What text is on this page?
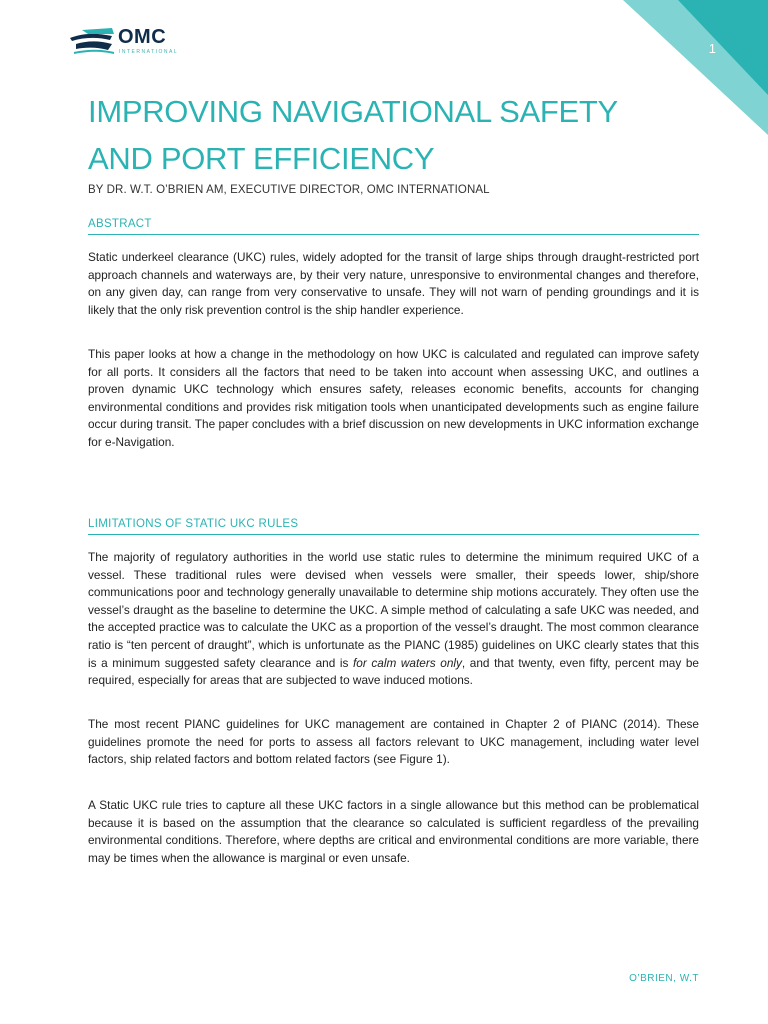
1
OMC
INTERNATIONAL
IMPROVING NAVIGATIONAL SAFETY
AND PORT EFFICIENCY
BY DR. W.T. O’BRIEN AM, EXECUTIVE DIRECTOR, OMC INTERNATIONAL
ABSTRACT

Static underkeel clearance (UKC) rules, widely adopted for the transit of large ships through draught-restricted port approach channels and waterways are, by their very nature, unresponsive to environmental changes and therefore, on any given day, can range from very conservative to unsafe. They will not warn of pending groundings and it is likely that the only risk prevention control is the ship handler experience.

This paper looks at how a change in the methodology on how UKC is calculated and regulated can improve safety for all ports. It considers all the factors that need to be taken into account when assessing UKC, and outlines a proven dynamic UKC technology which ensures safety, releases economic benefits, accounts for changing environmental conditions and provides risk mitigation tools when unanticipated developments such as engine failure occur during transit. The paper concludes with a brief discussion on new developments in UKC information exchange for e-Navigation.

LIMITATIONS OF STATIC UKC RULES

The majority of regulatory authorities in the world use static rules to determine the minimum required UKC of a vessel. These traditional rules were devised when vessels were smaller, their speeds lower, ship/shore communications poor and technology generally unavailable to determine ship motions accurately. They often use the vessel’s draught as the baseline to determine the UKC. A simple method of calculating a safe UKC was needed, and the accepted practice was to calculate the UKC as a proportion of the vessel’s draught. The most common clearance ratio is “ten percent of draught”, which is unfortunate as the PIANC (1985) guidelines on UKC clearly states that this is a minimum suggested safety clearance and is for calm waters only, and that twenty, even fifty, percent may be required, especially for areas that are subjected to wave induced motions.

The most recent PIANC guidelines for UKC management are contained in Chapter 2 of PIANC (2014). These guidelines promote the need for ports to assess all factors relevant to UKC management, including water level factors, ship related factors and bottom related factors (see Figure 1).

A Static UKC rule tries to capture all these UKC factors in a single allowance but this method can be problematical because it is based on the assumption that the clearance so calculated is sufficient regardless of the prevailing environmental conditions. Therefore, where depths are critical and environmental conditions are more variable, there may be times when the allowance is marginal or even unsafe.

O’BRIEN, W.T
